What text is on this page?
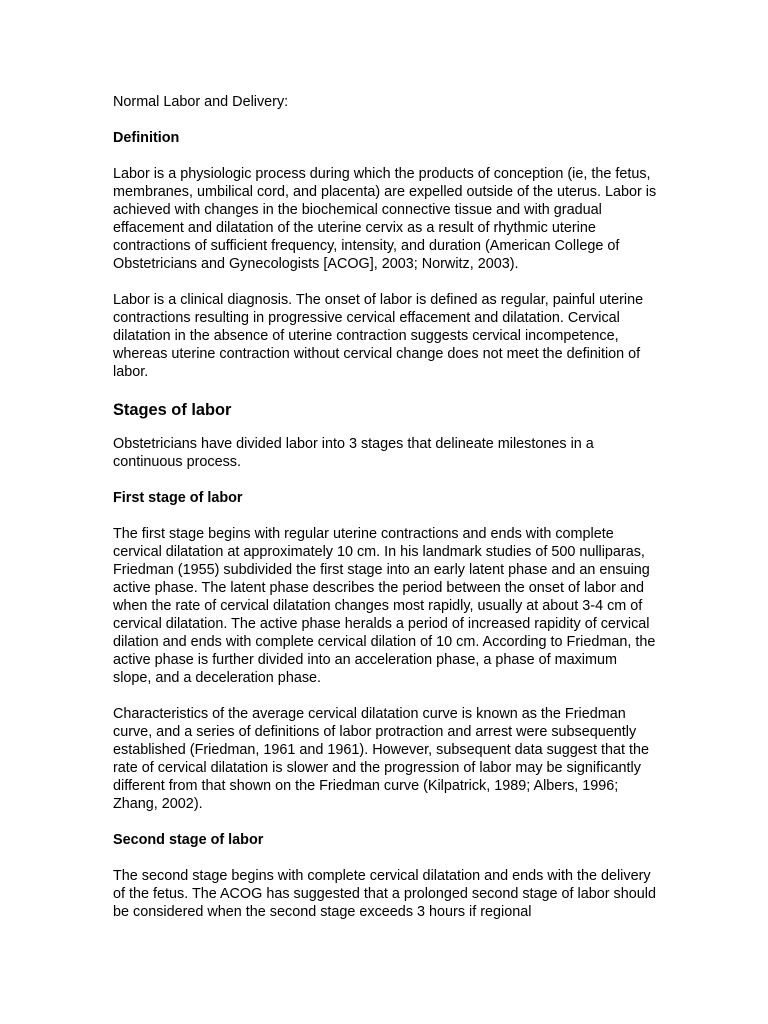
Normal Labor and Delivery:

Definition

Labor is a physiologic process during which the products of conception (ie, the fetus, membranes, umbilical cord, and placenta) are expelled outside of the uterus. Labor is achieved with changes in the biochemical connective tissue and with gradual effacement and dilatation of the uterine cervix as a result of rhythmic uterine contractions of sufficient frequency, intensity, and duration (American College of Obstetricians and Gynecologists [ACOG], 2003; Norwitz, 2003).

Labor is a clinical diagnosis. The onset of labor is defined as regular, painful uterine contractions resulting in progressive cervical effacement and dilatation. Cervical dilatation in the absence of uterine contraction suggests cervical incompetence, whereas uterine contraction without cervical change does not meet the definition of labor.

Stages of labor

Obstetricians have divided labor into 3 stages that delineate milestones in a continuous process.

First stage of labor

The first stage begins with regular uterine contractions and ends with complete cervical dilatation at approximately 10 cm. In his landmark studies of 500 nulliparas, Friedman (1955) subdivided the first stage into an early latent phase and an ensuing active phase. The latent phase describes the period between the onset of labor and when the rate of cervical dilatation changes most rapidly, usually at about 3-4 cm of cervical dilatation. The active phase heralds a period of increased rapidity of cervical dilation and ends with complete cervical dilation of 10 cm. According to Friedman, the active phase is further divided into an acceleration phase, a phase of maximum slope, and a deceleration phase.

Characteristics of the average cervical dilatation curve is known as the Friedman curve, and a series of definitions of labor protraction and arrest were subsequently established (Friedman, 1961 and 1961). However, subsequent data suggest that the rate of cervical dilatation is slower and the progression of labor may be significantly different from that shown on the Friedman curve (Kilpatrick, 1989; Albers, 1996; Zhang, 2002).

Second stage of labor

The second stage begins with complete cervical dilatation and ends with the delivery of the fetus. The ACOG has suggested that a prolonged second stage of labor should be considered when the second stage exceeds 3 hours if regional
